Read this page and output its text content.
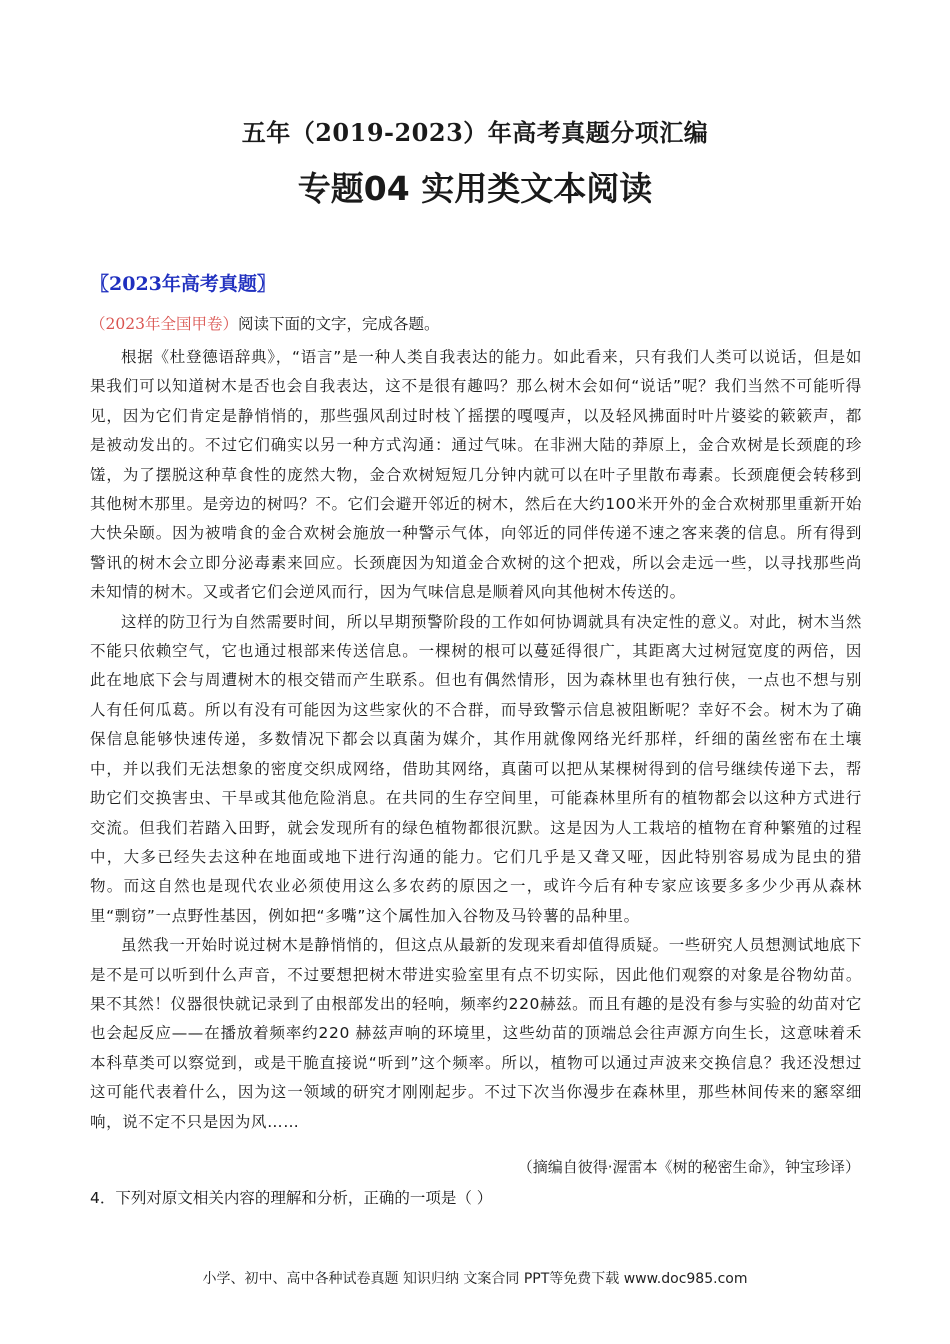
五年（2019-2023）年高考真题分项汇编
专题04 实用类文本阅读
〖2023年高考真题〗
（2023年全国甲卷）阅读下面的文字，完成各题。

根据《杜登德语辞典》，“语言”是一种人类自我表达的能力。如此看来，只有我们人类可以说话，但是如果我们可以知道树木是否也会自我表达，这不是很有趣吗？那么树木会如何“说话”呢？我们当然不可能听得见，因为它们肯定是静悄悄的，那些强风刮过时枝丫摇摆的嘎嘎声，以及轻风拂面时叶片婆娑的簌簌声，都是被动发出的。不过它们确实以另一种方式沟通：通过气味。在非洲大陆的莽原上，金合欢树是长颈鹿的珍馐，为了摆脱这种草食性的庞然大物，金合欢树短短几分钟内就可以在叶子里散布毒素。长颈鹿便会转移到其他树木那里。是旁边的树吗？不。它们会避开邻近的树木，然后在大约100米开外的金合欢树那里重新开始大快朵颐。因为被啃食的金合欢树会施放一种警示气体，向邻近的同伴传递不速之客来袭的信息。所有得到警讯的树木会立即分泌毒素来回应。长颈鹿因为知道金合欢树的这个把戏，所以会走远一些，以寻找那些尚未知情的树木。又或者它们会逆风而行，因为气味信息是顺着风向其他树木传送的。

这样的防卫行为自然需要时间，所以早期预警阶段的工作如何协调就具有决定性的意义。对此，树木当然不能只依赖空气，它也通过根部来传送信息。一棵树的根可以蔓延得很广，其距离大过树冠宽度的两倍，因此在地底下会与周遭树木的根交错而产生联系。但也有偶然情形，因为森林里也有独行侠，一点也不想与别人有任何瓜葛。所以有没有可能因为这些家伙的不合群，而导致警示信息被阻断呢？幸好不会。树木为了确保信息能够快速传递，多数情况下都会以真菌为媒介，其作用就像网络光纤那样，纤细的菌丝密布在土壤中，并以我们无法想象的密度交织成网络，借助其网络，真菌可以把从某棵树得到的信号继续传递下去，帮助它们交换害虫、干旱或其他危险消息。在共同的生存空间里，可能森林里所有的植物都会以这种方式进行交流。但我们若踏入田野，就会发现所有的绿色植物都很沉默。这是因为人工栽培的植物在育种繁殖的过程中，大多已经失去这种在地面或地下进行沟通的能力。它们几乎是又聋又哑，因此特别容易成为昆虫的猎物。而这自然也是现代农业必须使用这么多农药的原因之一，或许今后有种专家应该要多多少少再从森林里“剽窃”一点野性基因，例如把“多嘴”这个属性加入谷物及马铃薯的品种里。

虽然我一开始时说过树木是静悄悄的，但这点从最新的发现来看却值得质疑。一些研究人员想测试地底下是不是可以听到什么声音，不过要想把树木带进实验室里有点不切实际，因此他们观察的对象是谷物幼苗。果不其然！仪器很快就记录到了由根部发出的轻响，频率约220赫兹。而且有趣的是没有参与实验的幼苗对它也会起反应——在播放着频率约220 赫兹声响的环境里，这些幼苗的顶端总会往声源方向生长，这意味着禾本科草类可以察觉到，或是干脆直接说“听到”这个频率。所以，植物可以通过声波来交换信息？我还没想过这可能代表着什么，因为这一领域的研究才刚刚起步。不过下次当你漫步在森林里，那些林间传来的窸窣细响，说不定不只是因为风……

（摘编自彼得·渥雷本《树的秘密生命》，钟宝珍译）
4．下列对原文相关内容的理解和分析，正确的一项是（ ）
小学、初中、高中各种试卷真题 知识归纳 文案合同 PPT等免费下载 www.doc985.com
